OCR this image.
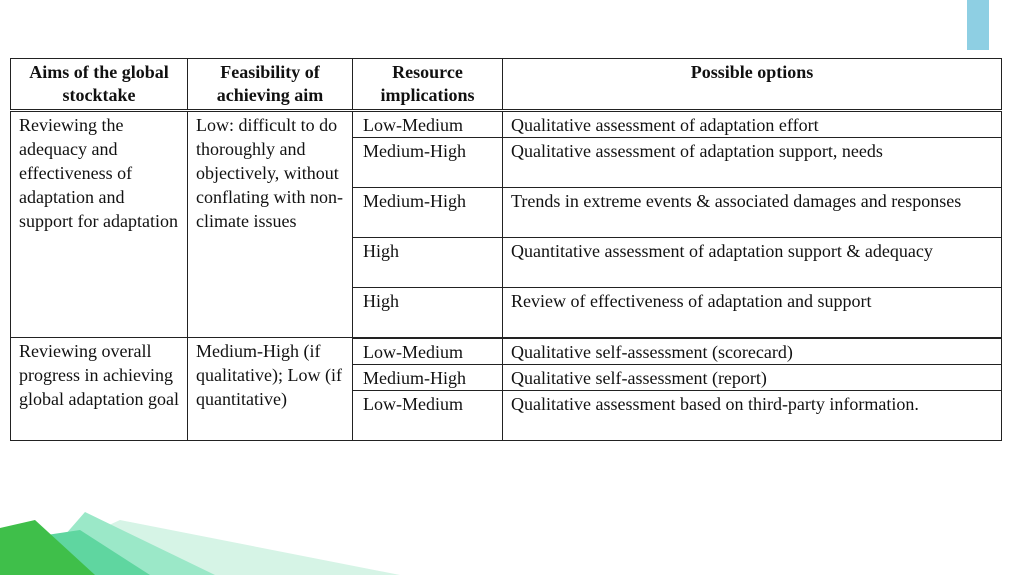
Aims of the global stocktake	Feasibility of achieving aim	Resource implications	Possible options
Reviewing the adequacy and effectiveness of adaptation and support for adaptation	Low: difficult to do thoroughly and objectively, without conflating with non-climate issues	Low-Medium	Qualitative assessment of adaptation effort
		Medium-High	Qualitative assessment of adaptation support, needs
		Medium-High	Trends in extreme events & associated damages and responses
		High	Quantitative assessment of adaptation support & adequacy
		High	Review of effectiveness of adaptation and support
Reviewing overall progress in achieving global adaptation goal	Medium-High (if qualitative); Low (if quantitative)	Low-Medium	Qualitative self-assessment (scorecard)
		Medium-High	Qualitative self-assessment (report)
		Low-Medium	Qualitative assessment based on third-party information.
